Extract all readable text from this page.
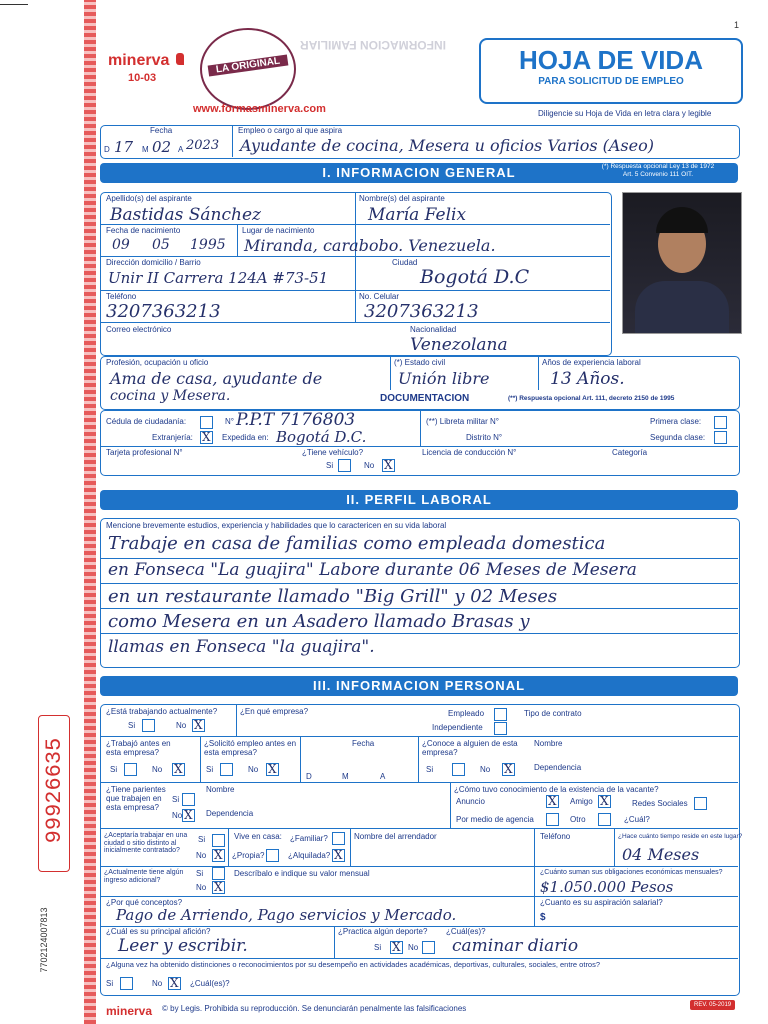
99926635
7702124007813
minerva
10-03
LA ORIGINAL
www.formasminerva.com
INFORMACION FAMILIAR
1
HOJA DE VIDA
PARA SOLICITUD DE EMPLEO
Diligencie su Hoja de Vida en letra clara y legible
Fecha
D 17 M 02 A 2023
Empleo o cargo al que aspira
Ayudante de cocina, Mesera u oficios Varios (Aseo)
I. INFORMACION GENERAL	(*) Respuesta opcional Ley 13 de 1972 Art. 5 Convenio 111 OIT.
Apellido(s) del aspirante
Bastidas Sánchez
Nombre(s) del aspirante
María Felix
Fecha de nacimiento
09 05 1995
Lugar de nacimiento
Miranda, carabobo. Venezuela.
Dirección domicilio / Barrio
Unir II Carrera 124A #73-51
Ciudad
Bogotá D.C
Teléfono
3207363213
No. Celular
3207363213
Correo electrónico	Nacionalidad
Venezolana
Profesión, ocupación u oficio
Ama de casa, ayudante de
cocina y Mesera.
(*) Estado civil
Unión libre
Años de experiencia laboral
13 Años.
DOCUMENTACION	(**) Respuesta opcional Art. 111, decreto 2150 de 1995
Cédula de ciudadanía:	N° P.P.T 7176803
Extranjería: X Expedida en: Bogotá D.C.
(**) Libreta militar N°
Distrito N°
Primera clase:
Segunda clase:
Tarjeta profesional N°	¿Tiene vehículo?
Si	No X
Licencia de conducción N°	Categoría
II. PERFIL LABORAL
Mencione brevemente estudios, experiencia y habilidades que lo caractericen en su vida laboral
Trabaje en casa de familias como empleada domestica
en Fonseca "La guajira" Labore durante 06 Meses de Mesera
en un restaurante llamado "Big Grill" y 02 Meses
como Mesera en un Asadero llamado Brasas y
llamas en Fonseca "la guajira".
III. INFORMACION PERSONAL
¿Está trabajando actualmente?
Si	No X
¿En qué empresa?	Empleado
Independiente
Tipo de contrato
¿Trabajó antes en esta empresa?
Si	No X
¿Solicitó empleo antes en esta empresa?
Si	No X
Fecha
D	M	A
¿Conoce a alguien de esta empresa?
Si	No X
Nombre
Dependencia
¿Tiene parientes que trabajen en esta empresa?
Si
No X
Nombre
Dependencia
¿Cómo tuvo conocimiento de la existencia de la vacante?
Anuncio	X Amigo X	Redes Sociales
Por medio de agencia	Otro	¿Cuál?
¿Aceptaría trabajar en una ciudad o sitio distinto al inicialmente contratado?
Si
No X
Vive en casa: ¿Familiar?
¿Propia?	¿Alquilada? X
Nombre del arrendador	Teléfono	¿Hace cuánto tiempo reside en este lugar?
04 Meses
¿Actualmente tiene algún ingreso adicional?
Si
No X
Descríbalo e indique su valor mensual	¿Cuánto suman sus obligaciones económicas mensuales?
$1.050.000 Pesos
¿Por qué conceptos?
Pago de Arriendo, Pago servicios y Mercado.
¿Cuanto es su aspiración salarial?
$
¿Cuál es su principal afición?
Leer y escribir.
¿Practica algún deporte?
Si X No
¿Cuál(es)?
caminar diario
¿Alguna vez ha obtenido distinciones o reconocimientos por su desempeño en actividades académicas, deportivas, culturales, sociales, entre otros?
Si	No X ¿Cuál(es)?
minerva © by Legis. Prohibida su reproducción. Se denunciarán penalmente las falsificaciones	REV. 05-2019
